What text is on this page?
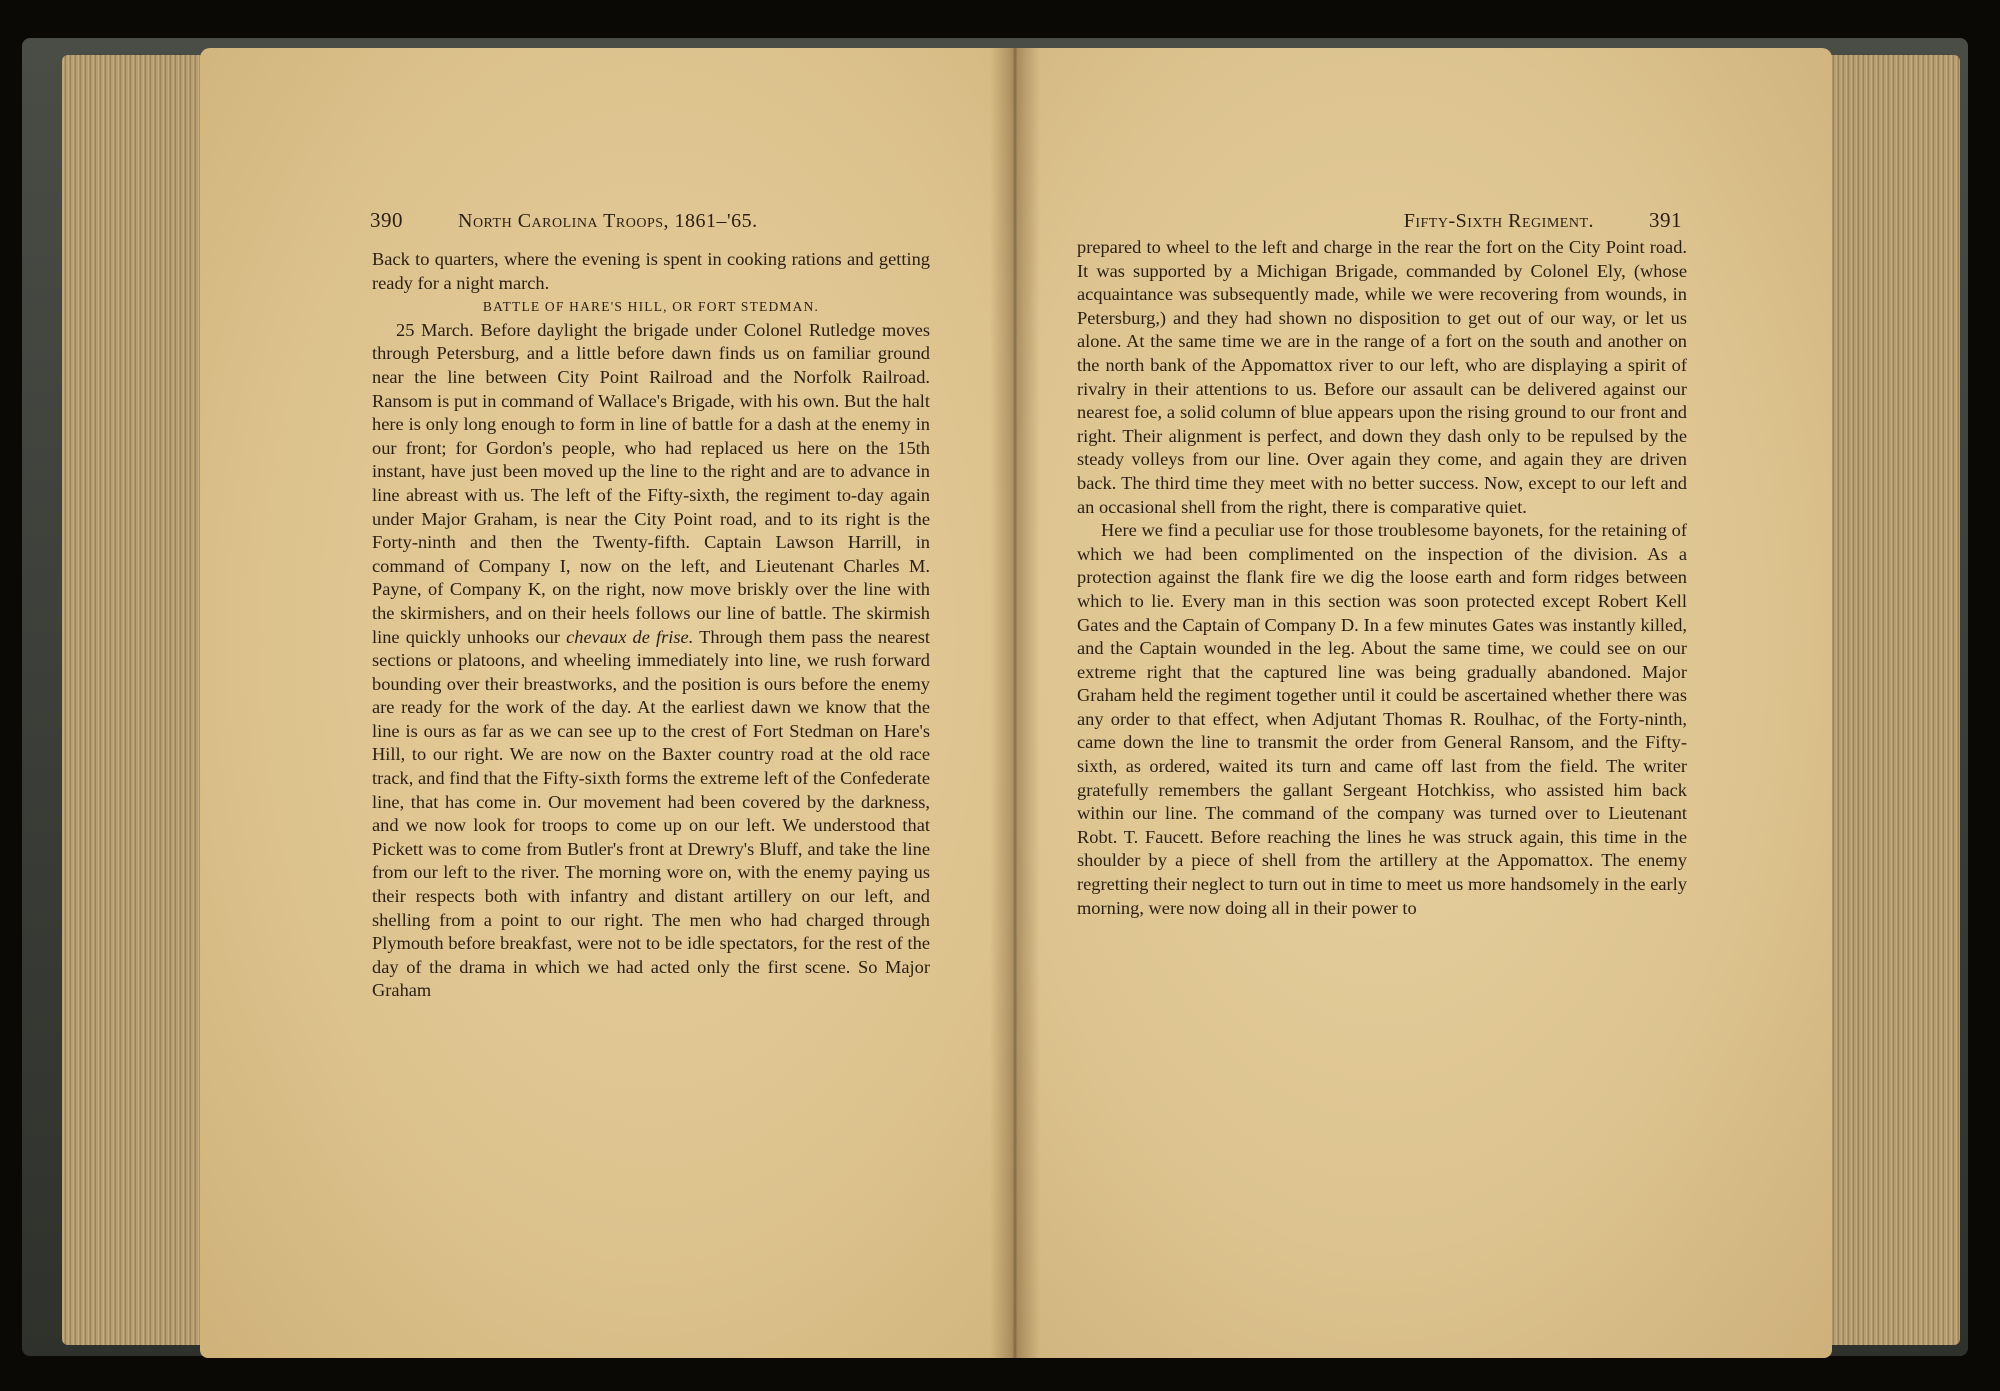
390	North Carolina Troops, 1861–'65.

Back to quarters, where the evening is spent in cooking rations and getting ready for a night march.

BATTLE OF HARE'S HILL, OR FORT STEDMAN.

25 March. Before daylight the brigade under Colonel Rutledge moves through Petersburg, and a little before dawn finds us on familiar ground near the line between City Point Railroad and the Norfolk Railroad. Ransom is put in command of Wallace's Brigade, with his own. But the halt here is only long enough to form in line of battle for a dash at the enemy in our front; for Gordon's people, who had replaced us here on the 15th instant, have just been moved up the line to the right and are to advance in line abreast with us. The left of the Fifty-sixth, the regiment to-day again under Major Graham, is near the City Point road, and to its right is the Forty-ninth and then the Twenty-fifth. Captain Lawson Harrill, in command of Company I, now on the left, and Lieutenant Charles M. Payne, of Company K, on the right, now move briskly over the line with the skirmishers, and on their heels follows our line of battle. The skirmish line quickly unhooks our chevaux de frise. Through them pass the nearest sections or platoons, and wheeling immediately into line, we rush forward bounding over their breastworks, and the position is ours before the enemy are ready for the work of the day. At the earliest dawn we know that the line is ours as far as we can see up to the crest of Fort Stedman on Hare's Hill, to our right. We are now on the Baxter country road at the old race track, and find that the Fifty-sixth forms the extreme left of the Confederate line, that has come in. Our movement had been covered by the darkness, and we now look for troops to come up on our left. We understood that Pickett was to come from Butler's front at Drewry's Bluff, and take the line from our left to the river. The morning wore on, with the enemy paying us their respects both with infantry and distant artillery on our left, and shelling from a point to our right. The men who had charged through Plymouth before breakfast, were not to be idle spectators, for the rest of the day of the drama in which we had acted only the first scene. So Major Graham

Fifty-Sixth Regiment.	391

prepared to wheel to the left and charge in the rear the fort on the City Point road. It was supported by a Michigan Brigade, commanded by Colonel Ely, (whose acquaintance was subsequently made, while we were recovering from wounds, in Petersburg,) and they had shown no disposition to get out of our way, or let us alone. At the same time we are in the range of a fort on the south and another on the north bank of the Appomattox river to our left, who are displaying a spirit of rivalry in their attentions to us. Before our assault can be delivered against our nearest foe, a solid column of blue appears upon the rising ground to our front and right. Their alignment is perfect, and down they dash only to be repulsed by the steady volleys from our line. Over again they come, and again they are driven back. The third time they meet with no better success. Now, except to our left and an occasional shell from the right, there is comparative quiet.

Here we find a peculiar use for those troublesome bayonets, for the retaining of which we had been complimented on the inspection of the division. As a protection against the flank fire we dig the loose earth and form ridges between which to lie. Every man in this section was soon protected except Robert Kell Gates and the Captain of Company D. In a few minutes Gates was instantly killed, and the Captain wounded in the leg. About the same time, we could see on our extreme right that the captured line was being gradually abandoned. Major Graham held the regiment together until it could be ascertained whether there was any order to that effect, when Adjutant Thomas R. Roulhac, of the Forty-ninth, came down the line to transmit the order from General Ransom, and the Fifty-sixth, as ordered, waited its turn and came off last from the field. The writer gratefully remembers the gallant Sergeant Hotchkiss, who assisted him back within our line. The command of the company was turned over to Lieutenant Robt. T. Faucett. Before reaching the lines he was struck again, this time in the shoulder by a piece of shell from the artillery at the Appomattox. The enemy regretting their neglect to turn out in time to meet us more handsomely in the early morning, were now doing all in their power to
